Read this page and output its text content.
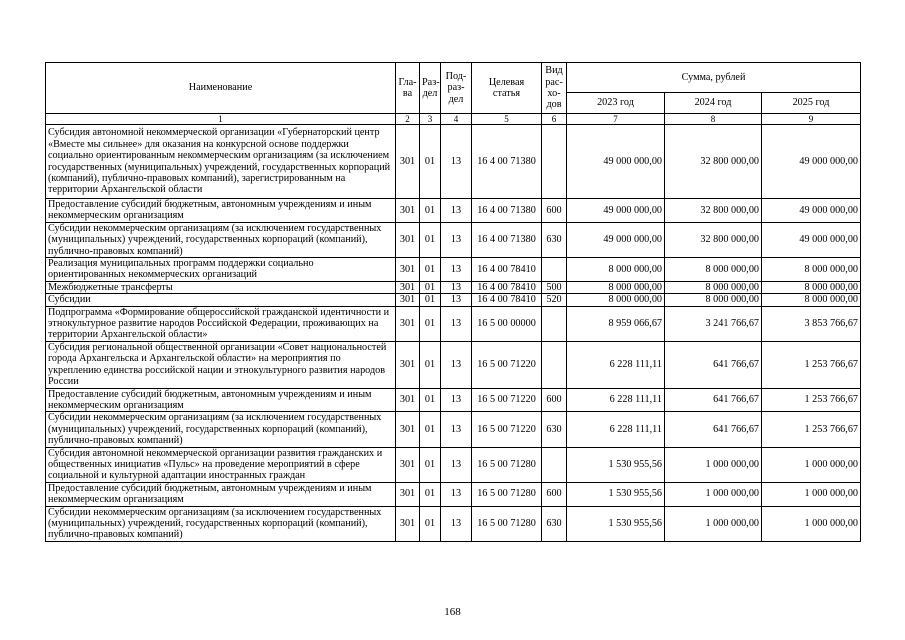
Наименование	Гла-ва	Раз-дел	Под-раз-дел	Целевая статья	Вид рас-хо-дов	Сумма, рублей		
						2023 год	2024 год	2025 год
1	2	3	4	5	6	7	8	9
Субсидия автономной некоммерческой организации «Губернаторский центр «Вместе мы сильнее» для оказания на конкурсной основе поддержки социально ориентированным некоммерческим организациям (за исключением государственных (муниципальных) учреждений, государственных корпораций (компаний), публично-правовых компаний), зарегистрированным на территории Архангельской области	301	01	13	16 4 00 71380		49 000 000,00	32 800 000,00	49 000 000,00
Предоставление субсидий бюджетным, автономным учреждениям и иным некоммерческим организациям	301	01	13	16 4 00 71380	600	49 000 000,00	32 800 000,00	49 000 000,00
Субсидии некоммерческим организациям (за исключением государственных (муниципальных) учреждений, государственных корпораций (компаний), публично-правовых компаний)	301	01	13	16 4 00 71380	630	49 000 000,00	32 800 000,00	49 000 000,00
Реализация муниципальных программ поддержки социально ориентированных некоммерческих организаций	301	01	13	16 4 00 78410		8 000 000,00	8 000 000,00	8 000 000,00
Межбюджетные трансферты	301	01	13	16 4 00 78410	500	8 000 000,00	8 000 000,00	8 000 000,00
Субсидии	301	01	13	16 4 00 78410	520	8 000 000,00	8 000 000,00	8 000 000,00
Подпрограмма «Формирование общероссийской гражданской идентичности и этнокультурное развитие народов Российской Федерации, проживающих на территории Архангельской области»	301	01	13	16 5 00 00000		8 959 066,67	3 241 766,67	3 853 766,67
Субсидия региональной общественной организации «Совет национальностей города Архангельска и Архангельской области» на мероприятия по укреплению единства российской нации и этнокультурного развития народов России	301	01	13	16 5 00 71220		6 228 111,11	641 766,67	1 253 766,67
Предоставление субсидий бюджетным, автономным учреждениям и иным некоммерческим организациям	301	01	13	16 5 00 71220	600	6 228 111,11	641 766,67	1 253 766,67
Субсидии некоммерческим организациям (за исключением государственных (муниципальных) учреждений, государственных корпораций (компаний), публично-правовых компаний)	301	01	13	16 5 00 71220	630	6 228 111,11	641 766,67	1 253 766,67
Субсидия автономной некоммерческой организации развития гражданских и общественных инициатив «Пульс» на проведение мероприятий в сфере социальной и культурной адаптации иностранных граждан	301	01	13	16 5 00 71280		1 530 955,56	1 000 000,00	1 000 000,00
Предоставление субсидий бюджетным, автономным учреждениям и иным некоммерческим организациям	301	01	13	16 5 00 71280	600	1 530 955,56	1 000 000,00	1 000 000,00
Субсидии некоммерческим организациям (за исключением государственных (муниципальных) учреждений, государственных корпораций (компаний), публично-правовых компаний)	301	01	13	16 5 00 71280	630	1 530 955,56	1 000 000,00	1 000 000,00
168
